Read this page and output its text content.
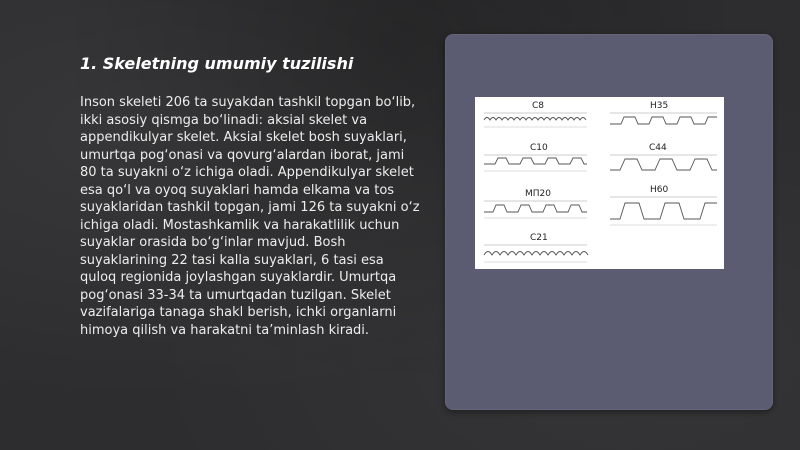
1. Skeletning umumiy tuzilishi

Inson skeleti 206 ta suyakdan tashkil topgan bo‘lib, ikki asosiy qismga bo‘linadi: aksial skelet va appendikulyar skelet. Aksial skelet bosh suyaklari, umurtqa pog‘onasi va qovurg‘alardan iborat, jami 80 ta suyakni o‘z ichiga oladi. Appendikulyar skelet esa qo‘l va oyoq suyaklari hamda elkama va tos suyaklaridan tashkil topgan, jami 126 ta suyakni o‘z ichiga oladi. Mostashkamlik va harakatlilik uchun suyaklar orasida bo‘g‘inlar mavjud. Bosh suyaklarining 22 tasi kalla suyaklari, 6 tasi esa quloq regionida joylashgan suyaklardir. Umurtqa pog‘onasi 33-34 ta umurtqadan tuzilgan. Skelet vazifalariga tanaga shakl berish, ichki organlarni himoya qilish va harakatni ta’minlash kiradi.

C8	H35
C10	C44
МП20	H60
C21
